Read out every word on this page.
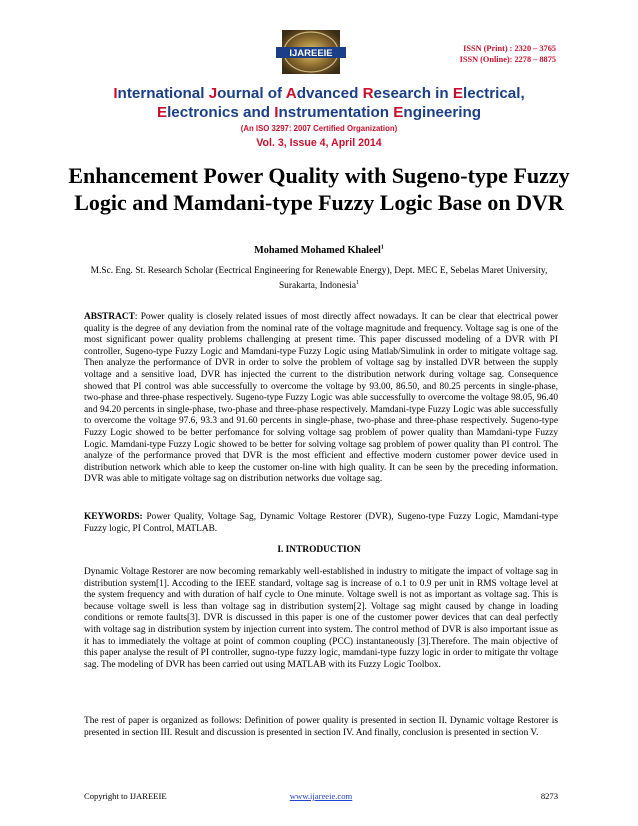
IJAREEIE	ISSN (Print) : 2320 – 3765
ISSN (Online): 2278 – 8875
International Journal of Advanced Research in Electrical,
Electronics and Instrumentation Engineering
(An ISO 3297: 2007 Certified Organization)
Vol. 3, Issue 4, April 2014
Enhancement Power Quality with Sugeno-type Fuzzy Logic and Mamdani-type Fuzzy Logic Base on DVR
Mohamed Mohamed Khaleel$^1$
M.Sc. Eng. St. Research Scholar (Eectrical Engineering for Renewable Energy), Dept. MEC E, Sebelas Maret University, Surakarta, Indonesia$^1$
ABSTRACT: Power quality is closely related issues of most directly affect nowadays. It can be clear that electrical power quality is the degree of any deviation from the nominal rate of the voltage magnitude and frequency. Voltage sag is one of the most significant power quality problems challenging at present time. This paper discussed modeling of a DVR with PI controller, Sugeno-type Fuzzy Logic and Mamdani-type Fuzzy Logic using Matlab/Simulink in order to mitigate voltage sag. Then analyze the performance of DVR in order to solve the problem of voltage sag by installed DVR between the supply voltage and a sensitive load, DVR has injected the current to the distribution network during voltage sag. Consequence showed that PI control was able successfully to overcome the voltage by 93.00, 86.50, and 80.25 percents in single-phase, two-phase and three-phase respectively. Sugeno-type Fuzzy Logic was able successfully to overcome the voltage 98.05, 96.40 and 94.20 percents in single-phase, two-phase and three-phase respectively. Mamdani-type Fuzzy Logic was able successfully to overcome the voltage 97.6, 93.3 and 91.60 percents in single-phase, two-phase and three-phase respectively. Sugeno-type Fuzzy Logic showed to be better perfomance for solving voltage sag problem of power quality than Mamdani-type Fuzzy Logic. Mamdani-type Fuzzy Logic showed to be better for solving voltage sag problem of power quality than PI control. The analyze of the performance proved that DVR is the most efficient and effective modern customer power device used in distribution network which able to keep the customer on-line with high quality. It can be seen by the preceding information. DVR was able to mitigate voltage sag on distribution networks due voltage sag.
KEYWORDS: Power Quality, Voltage Sag, Dynamic Voltage Restorer (DVR), Sugeno-type Fuzzy Logic, Mamdani-type Fuzzy logic, PI Control, MATLAB.
I. INTRODUCTION
Dynamic Voltage Restorer are now becoming remarkably well-established in industry to mitigate the impact of voltage sag in distribution system[1]. Accoding to the IEEE standard, voltage sag is increase of o.1 to 0.9 per unit in RMS voltage level at the system frequency and with duration of half cycle to One minute. Voltage swell is not as important as voltage sag. This is because voltage swell is less than voltage sag in distribution system[2]. Voltage sag might caused by change in loading conditions or remote faults[3]. DVR is discussed in this paper is one of the customer power devices that can deal perfectly with voltage sag in distribution system by injection current into system. The control method of DVR is also important issue as it has to immediately the voltage at point of common coupling (PCC) instantaneously [3].Therefore. The main objective of this paper analyse the result of PI controller, sugno-type fuzzy logic, mamdani-type fuzzy logic in order to mitigate thr voltage sag. The modeling of DVR has been carried out using MATLAB with its Fuzzy Logic Toolbox.
The rest of paper is organized as follows: Definition of power quality is presented in section II. Dynamic voltage Restorer is presented in section III. Result and discussion is presented in section IV. And finally, conclusion is presented in section V.
Copyright to IJAREEIE	www.ijareeie.com	8273
